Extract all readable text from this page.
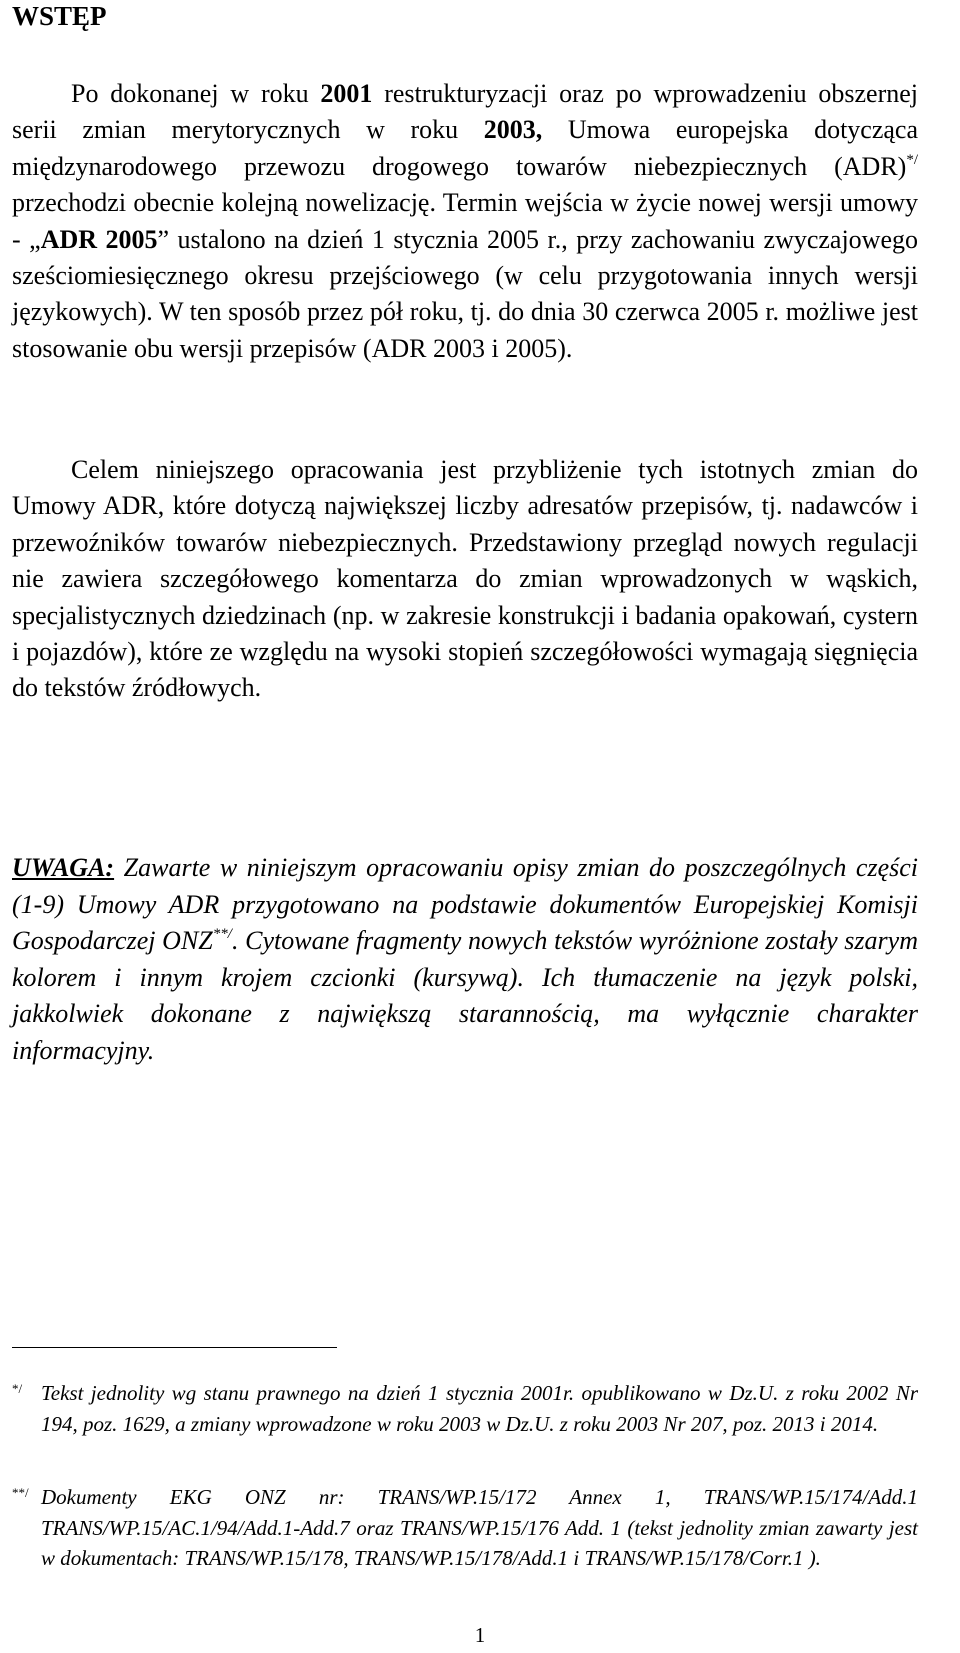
WSTĘP

Po dokonanej w roku 2001 restrukturyzacji oraz po wprowadzeniu obszernej serii zmian merytorycznych w roku 2003, Umowa europejska dotycząca międzynarodowego przewozu drogowego towarów niebezpiecznych (ADR)*/ przechodzi obecnie kolejną nowelizację. Termin wejścia w życie nowej wersji umowy - „ADR 2005” ustalono na dzień 1 stycznia 2005 r., przy zachowaniu zwyczajowego sześciomiesięcznego okresu przejściowego (w celu przygotowania innych wersji językowych). W ten sposób przez pół roku, tj. do dnia 30 czerwca 2005 r. możliwe jest stosowanie obu wersji przepisów (ADR 2003 i 2005).

Celem niniejszego opracowania jest przybliżenie tych istotnych zmian do Umowy ADR, które dotyczą największej liczby adresatów przepisów, tj. nadawców i przewoźników towarów niebezpiecznych. Przedstawiony przegląd nowych regulacji nie zawiera szczegółowego komentarza do zmian wprowadzonych w wąskich, specjalistycznych dziedzinach (np. w zakresie konstrukcji i badania opakowań, cystern i pojazdów), które ze względu na wysoki stopień szczegółowości wymagają sięgnięcia do tekstów źródłowych.

UWAGA: Zawarte w niniejszym opracowaniu opisy zmian do poszczególnych części (1-9) Umowy ADR przygotowano na podstawie dokumentów Europejskiej Komisji Gospodarczej ONZ**/. Cytowane fragmenty nowych tekstów wyróżnione zostały szarym kolorem i innym krojem czcionki (kursywą). Ich tłumaczenie na język polski, jakkolwiek dokonane z największą starannością, ma wyłącznie charakter informacyjny.

*/ Tekst jednolity wg stanu prawnego na dzień 1 stycznia 2001r. opublikowano w Dz.U. z roku 2002 Nr 194, poz. 1629, a zmiany wprowadzone w roku 2003 w Dz.U. z roku 2003 Nr 207, poz. 2013 i 2014.
**/ Dokumenty EKG ONZ nr: TRANS/WP.15/172 Annex 1, TRANS/WP.15/174/Add.1 TRANS/WP.15/AC.1/94/Add.1-Add.7 oraz TRANS/WP.15/176 Add. 1 (tekst jednolity zmian zawarty jest w dokumentach: TRANS/WP.15/178, TRANS/WP.15/178/Add.1 i TRANS/WP.15/178/Corr.1 ).
1
